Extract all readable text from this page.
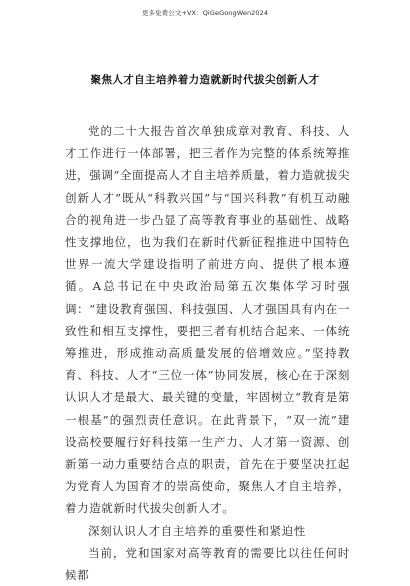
更多免费公文+VX：QiGeGongWen2024
聚焦人才自主培养着力造就新时代拔尖创新人才

党的二十大报告首次单独成章对教育、科技、人才工作进行一体部署，把三者作为完整的体系统筹推进，强调“全面提高人才自主培养质量，着力造就拔尖创新人才”既从“科教兴国”与“国兴科教”有机互动融合的视角进一步凸显了高等教育事业的基础性、战略性支撑地位，也为我们在新时代新征程推进中国特色世界一流大学建设指明了前进方向、提供了根本遵循。A总书记在中央政治局第五次集体学习时强调：“建设教育强国、科技强国、人才强国具有内在一致性和相互支撑性，要把三者有机结合起来、一体统筹推进，形成推动高质量发展的倍增效应。”坚持教育、科技、人才“三位一体”协同发展，核心在于深刻认识人才是最大、最关键的变量，牢固树立“教育是第一根基”的强烈责任意识。在此背景下，“双一流”建设高校要履行好科技第一生产力、人才第一资源、创新第一动力重要结合点的职责，首先在于要坚决扛起为党育人为国育才的崇高使命，聚焦人才自主培养，着力造就新时代拔尖创新人才。

深刻认识人才自主培养的重要性和紧迫性

当前，党和国家对高等教育的需要比以往任何时候都
